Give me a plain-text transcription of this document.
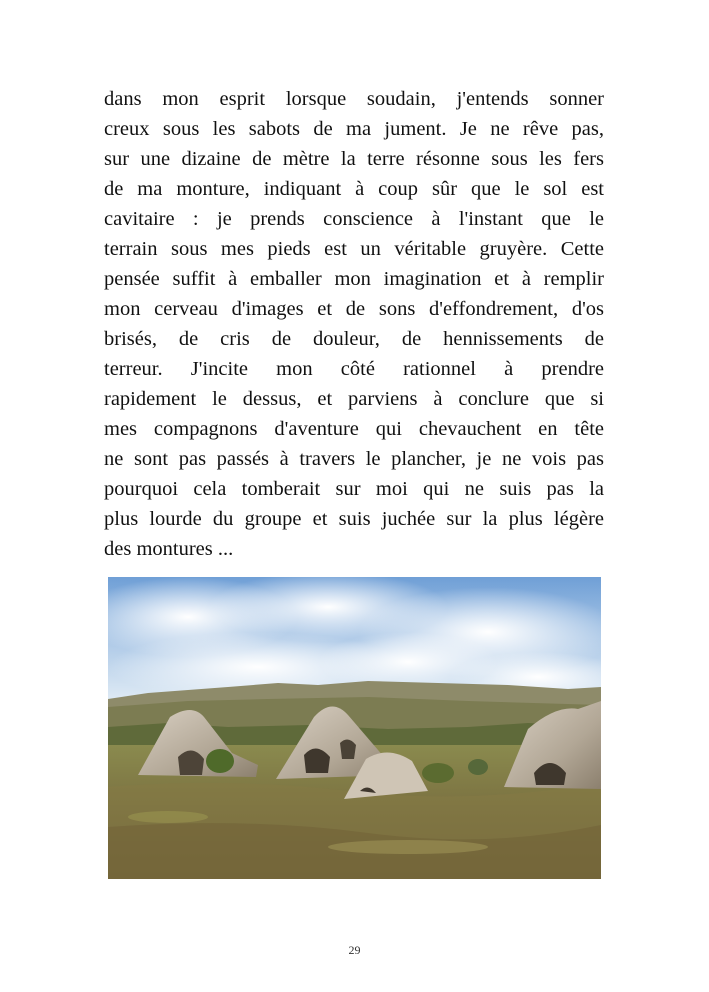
dans mon esprit lorsque soudain, j'entends sonner
creux sous les sabots de ma jument. Je ne rêve pas,
sur une dizaine de mètre la terre résonne sous les fers
de ma monture, indiquant à coup sûr que le sol est
cavitaire : je prends conscience à l'instant que le
terrain sous mes pieds est un véritable gruyère. Cette
pensée suffit à emballer mon imagination et à remplir
mon cerveau d'images et de sons d'effondrement, d'os
brisés, de cris de douleur, de hennissements de
terreur. J'incite mon côté rationnel à prendre
rapidement le dessus, et parviens à conclure que si
mes compagnons d'aventure qui chevauchent en tête
ne sont pas passés à travers le plancher, je ne vois pas
pourquoi cela tomberait sur moi qui ne suis pas la
plus lourde du groupe et suis juchée sur la plus légère
des montures ...

29
